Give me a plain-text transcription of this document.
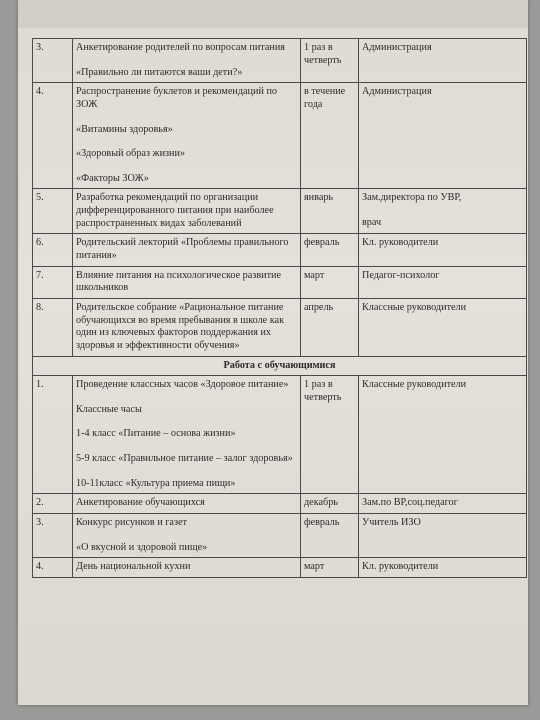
3.	Анкетирование родителей по вопросам питания
«Правильно ли питаются ваши дети?»	1 раз в четверть	Администрация

4.	Распространение буклетов и рекомендаций по ЗОЖ
«Витамины здоровья»
«Здоровый образ жизни»
«Факторы ЗОЖ»	в течение года	Администрация

5.	Разработка рекомендаций по организации дифференцированного питания при наиболее распространенных видах заболеваний	январь	Зам.директора по УВР,
врач

6.	Родительский лекторий «Проблемы правильного питания»	февраль	Кл. руководители

7.	Влияние питания на психологическое развитие школьников	март	Педагог-психолог

8.	Родительское собрание «Рациональное питание обучающихся во время пребывания в школе как один из ключевых факторов поддержания их здоровья и эффективности обучения»	апрель	Классные руководители

Работа с обучающимися			
1.	Проведение классных часов «Здоровое питание»
Классные часы
1-4 класс «Питание – основа жизни»
5-9 класс «Правильное питание – залог здоровья»
10-11класс «Культура приема пищи»	1 раз в четверть	Классные руководители

2.	Анкетирование обучающихся	декабрь	Зам.по ВР,соц.педагог

3.	Конкурс рисунков и газет
«О вкусной и здоровой пище»	февраль	Учитель ИЗО

4.	День национальной кухни	март	Кл. руководители
